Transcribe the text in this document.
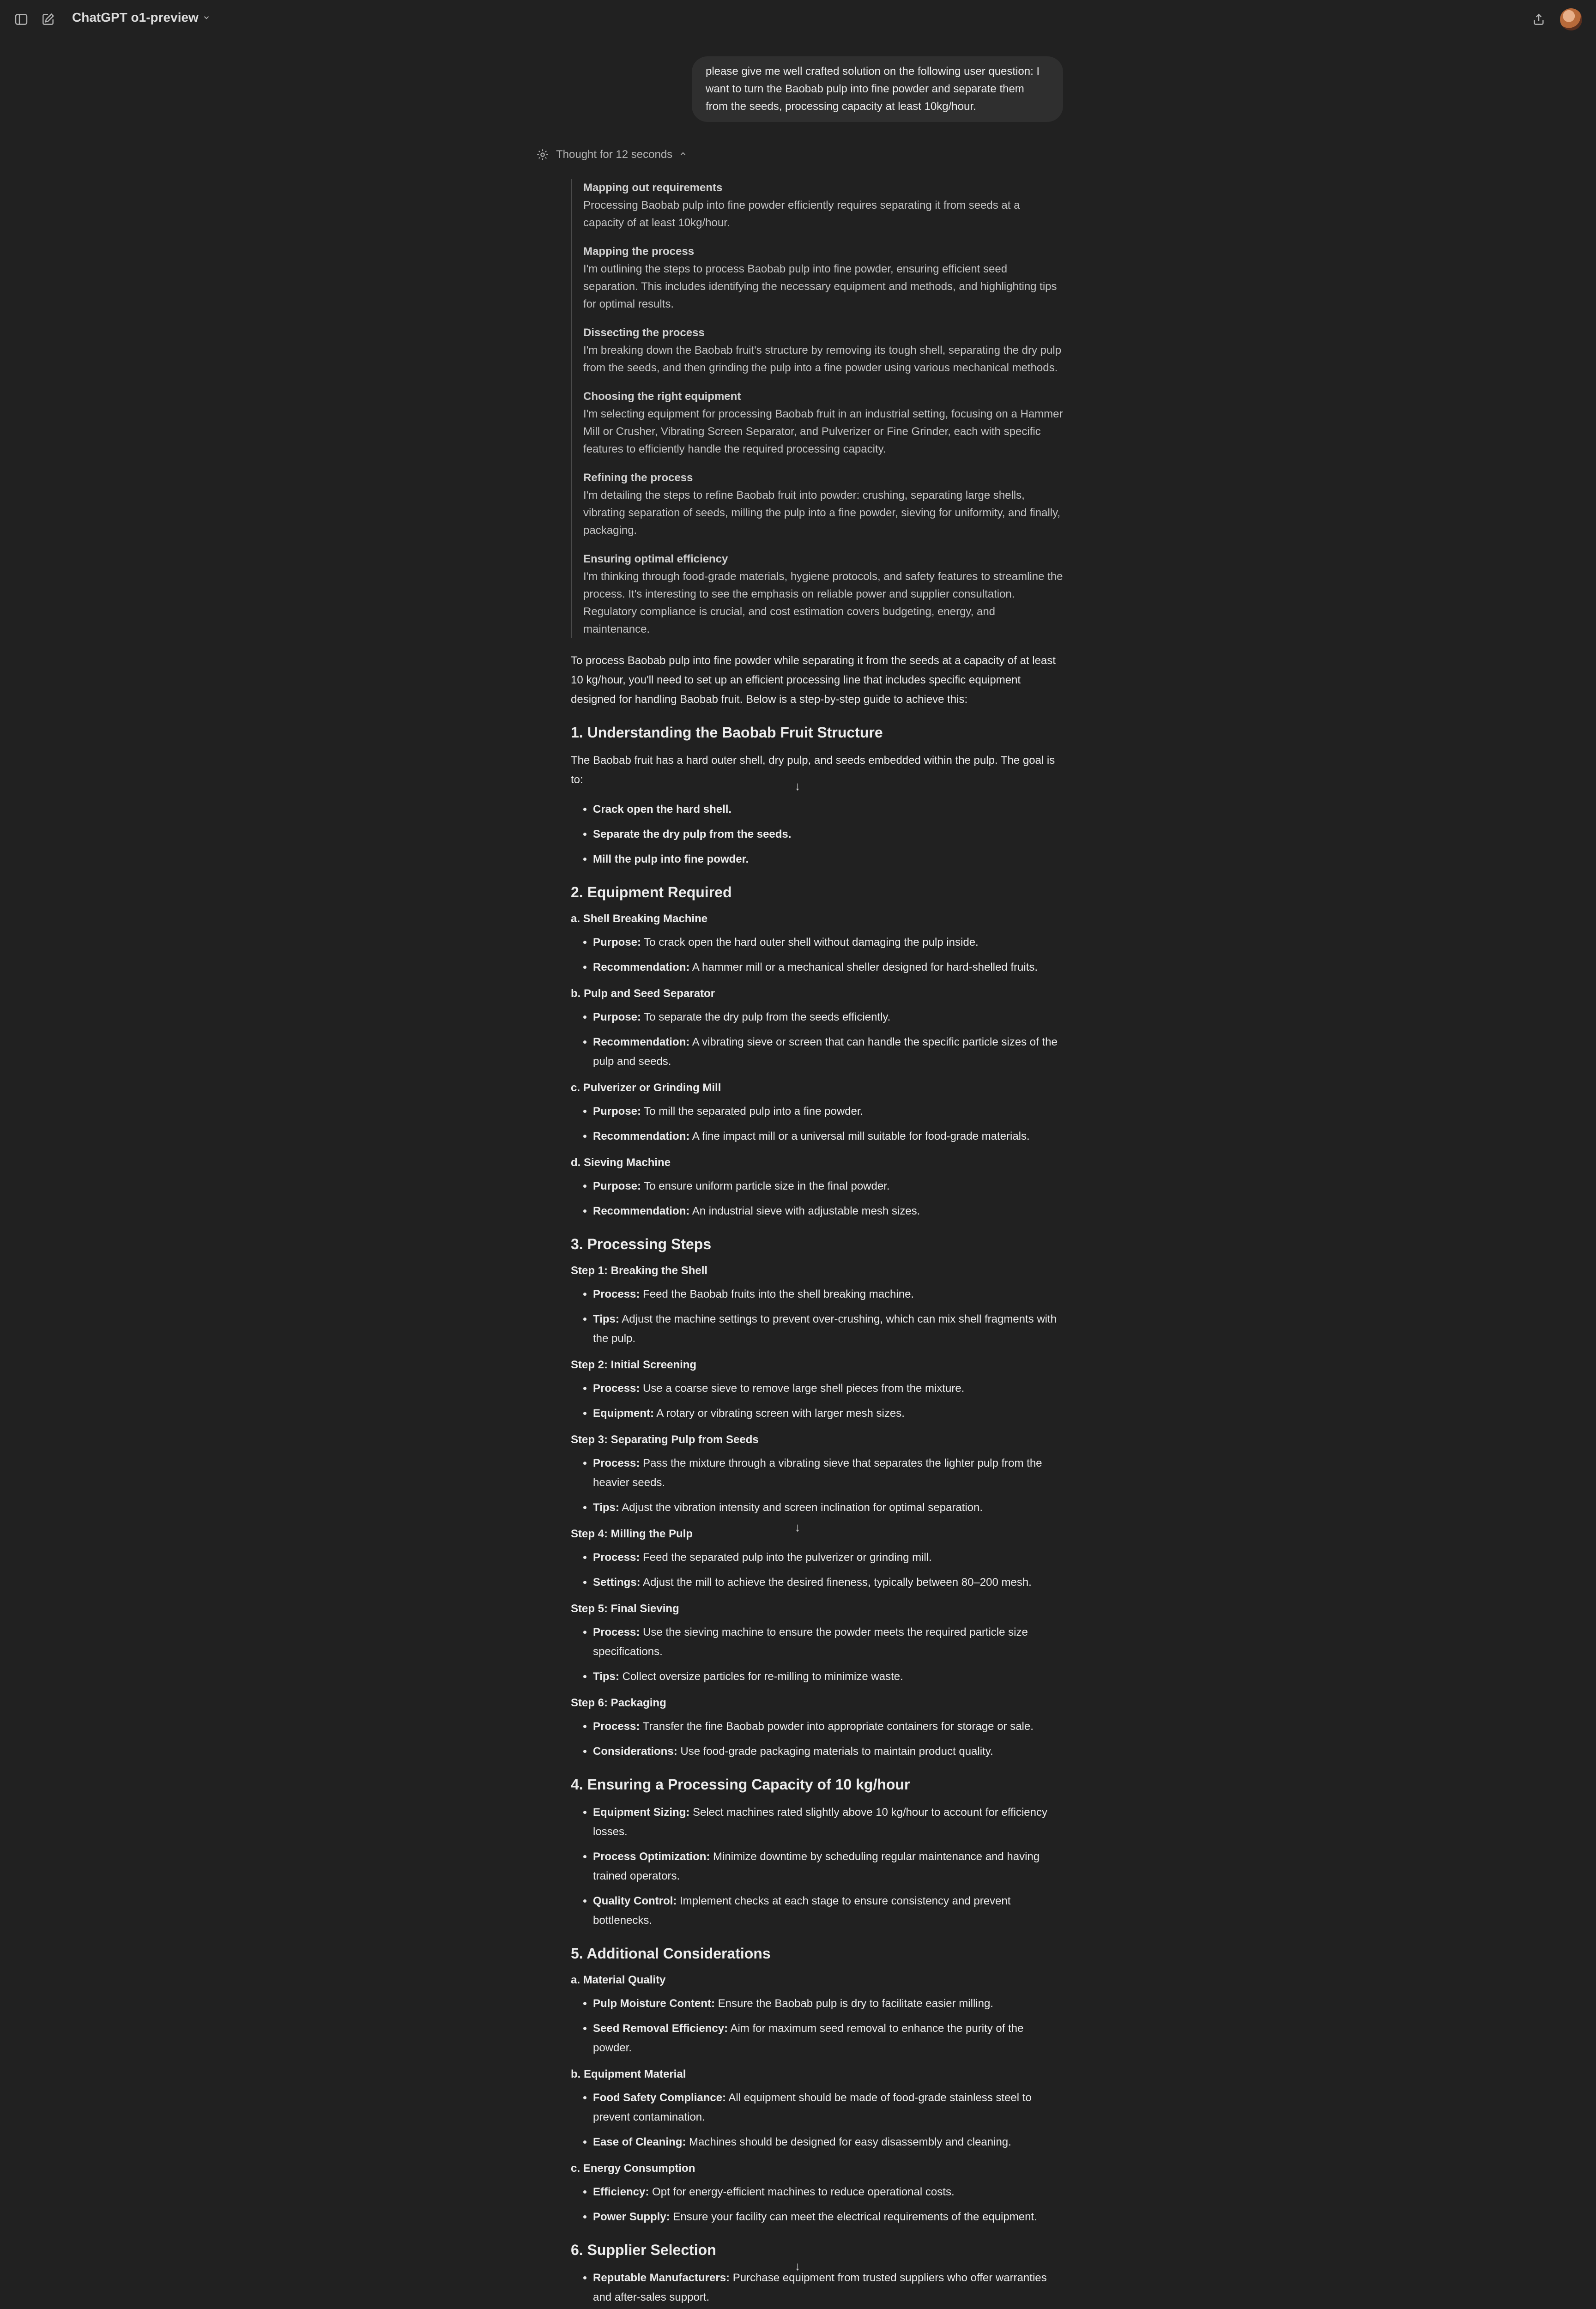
ChatGPT o1-preview
please give me well crafted solution on the following user question: I want to turn the Baobab pulp into fine powder and separate them from the seeds, processing capacity at least 10kg/hour.
Thought for 12 seconds
Mapping out requirements
Processing Baobab pulp into fine powder efficiently requires separating it from seeds at a capacity of at least 10kg/hour.
Mapping the process
I'm outlining the steps to process Baobab pulp into fine powder, ensuring efficient seed separation. This includes identifying the necessary equipment and methods, and highlighting tips for optimal results.
Dissecting the process
I'm breaking down the Baobab fruit's structure by removing its tough shell, separating the dry pulp from the seeds, and then grinding the pulp into a fine powder using various mechanical methods.
Choosing the right equipment
I'm selecting equipment for processing Baobab fruit in an industrial setting, focusing on a Hammer Mill or Crusher, Vibrating Screen Separator, and Pulverizer or Fine Grinder, each with specific features to efficiently handle the required processing capacity.
Refining the process
I'm detailing the steps to refine Baobab fruit into powder: crushing, separating large shells, vibrating separation of seeds, milling the pulp into a fine powder, sieving for uniformity, and finally, packaging.
Ensuring optimal efficiency
I'm thinking through food-grade materials, hygiene protocols, and safety features to streamline the process. It's interesting to see the emphasis on reliable power and supplier consultation. Regulatory compliance is crucial, and cost estimation covers budgeting, energy, and maintenance.

To process Baobab pulp into fine powder while separating it from the seeds at a capacity of at least 10 kg/hour, you'll need to set up an efficient processing line that includes specific equipment designed for handling Baobab fruit. Below is a step-by-step guide to achieve this:

1. Understanding the Baobab Fruit Structure

The Baobab fruit has a hard outer shell, dry pulp, and seeds embedded within the pulp. The goal is to:

• Crack open the hard shell.
• Separate the dry pulp from the seeds.
• Mill the pulp into fine powder.
2. Equipment Required
a. Shell Breaking Machine
• Purpose: To crack open the hard outer shell without damaging the pulp inside.
• Recommendation: A hammer mill or a mechanical sheller designed for hard-shelled fruits.
b. Pulp and Seed Separator
• Purpose: To separate the dry pulp from the seeds efficiently.
• Recommendation: A vibrating sieve or screen that can handle the specific particle sizes of the pulp and seeds.
c. Pulverizer or Grinding Mill
• Purpose: To mill the separated pulp into a fine powder.
• Recommendation: A fine impact mill or a universal mill suitable for food-grade materials.
d. Sieving Machine
• Purpose: To ensure uniform particle size in the final powder.
• Recommendation: An industrial sieve with adjustable mesh sizes.
3. Processing Steps
Step 1: Breaking the Shell
• Process: Feed the Baobab fruits into the shell breaking machine.
• Tips: Adjust the machine settings to prevent over-crushing, which can mix shell fragments with the pulp.
Step 2: Initial Screening
• Process: Use a coarse sieve to remove large shell pieces from the mixture.
• Equipment: A rotary or vibrating screen with larger mesh sizes.
Step 3: Separating Pulp from Seeds
• Process: Pass the mixture through a vibrating sieve that separates the lighter pulp from the heavier seeds.
• Tips: Adjust the vibration intensity and screen inclination for optimal separation.
Step 4: Milling the Pulp
• Process: Feed the separated pulp into the pulverizer or grinding mill.
• Settings: Adjust the mill to achieve the desired fineness, typically between 80–200 mesh.
Step 5: Final Sieving
• Process: Use the sieving machine to ensure the powder meets the required particle size specifications.
• Tips: Collect oversize particles for re-milling to minimize waste.
Step 6: Packaging
• Process: Transfer the fine Baobab powder into appropriate containers for storage or sale.
• Considerations: Use food-grade packaging materials to maintain product quality.
4. Ensuring a Processing Capacity of 10 kg/hour
• Equipment Sizing: Select machines rated slightly above 10 kg/hour to account for efficiency losses.
• Process Optimization: Minimize downtime by scheduling regular maintenance and having trained operators.
• Quality Control: Implement checks at each stage to ensure consistency and prevent bottlenecks.
5. Additional Considerations
a. Material Quality
• Pulp Moisture Content: Ensure the Baobab pulp is dry to facilitate easier milling.
• Seed Removal Efficiency: Aim for maximum seed removal to enhance the purity of the powder.
b. Equipment Material
• Food Safety Compliance: All equipment should be made of food-grade stainless steel to prevent contamination.
• Ease of Cleaning: Machines should be designed for easy disassembly and cleaning.
c. Energy Consumption
• Efficiency: Opt for energy-efficient machines to reduce operational costs.
• Power Supply: Ensure your facility can meet the electrical requirements of the equipment.
6. Supplier Selection
• Reputable Manufacturers: Purchase equipment from trusted suppliers who offer warranties and after-sales support.

↓
↓
↓
